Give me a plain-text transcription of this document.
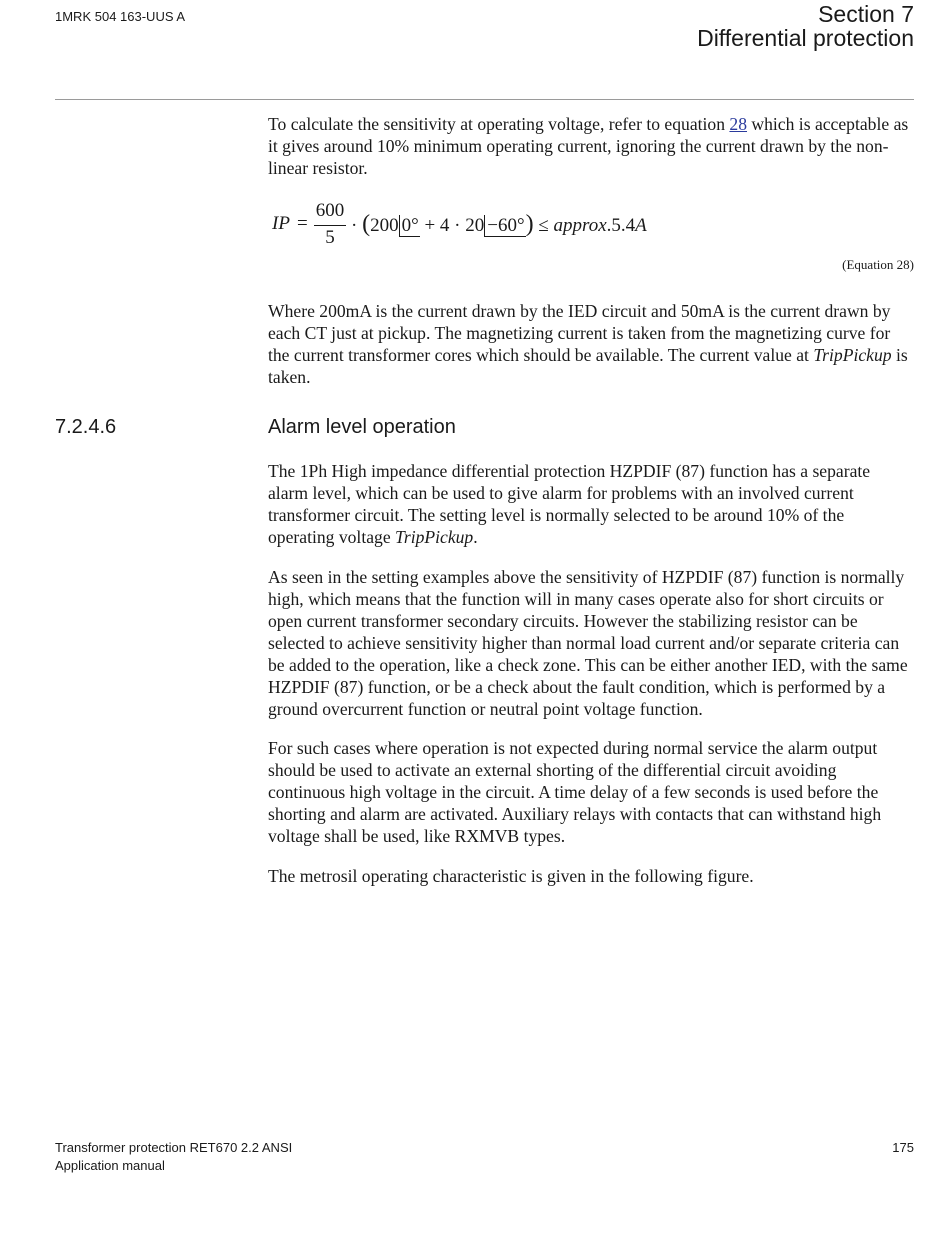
1MRK 504 163-UUS A	Section 7
Differential protection

To calculate the sensitivity at operating voltage, refer to equation 28 which is acceptable as it gives around 10% minimum operating current, ignoring the current drawn by the non-linear resistor.

IP =
600
5
· (200 0° + 4 · 20 −60°) ≤ approx.5.4A
(Equation 28)

Where 200mA is the current drawn by the IED circuit and 50mA is the current drawn by each CT just at pickup. The magnetizing current is taken from the magnetizing curve for the current transformer cores which should be available. The current value at TripPickup is taken.

7.2.4.6	Alarm level operation

The 1Ph High impedance differential protection HZPDIF (87) function has a separate alarm level, which can be used to give alarm for problems with an involved current transformer circuit. The setting level is normally selected to be around 10% of the operating voltage TripPickup.

As seen in the setting examples above the sensitivity of HZPDIF (87) function is normally high, which means that the function will in many cases operate also for short circuits or open current transformer secondary circuits. However the stabilizing resistor can be selected to achieve sensitivity higher than normal load current and/or separate criteria can be added to the operation, like a check zone. This can be either another IED, with the same HZPDIF (87) function, or be a check about the fault condition, which is performed by a ground overcurrent function or neutral point voltage function.

For such cases where operation is not expected during normal service the alarm output should be used to activate an external shorting of the differential circuit avoiding continuous high voltage in the circuit. A time delay of a few seconds is used before the shorting and alarm are activated. Auxiliary relays with contacts that can withstand high voltage shall be used, like RXMVB types.

The metrosil operating characteristic is given in the following figure.

Transformer protection RET670 2.2 ANSI
Application manual
175
